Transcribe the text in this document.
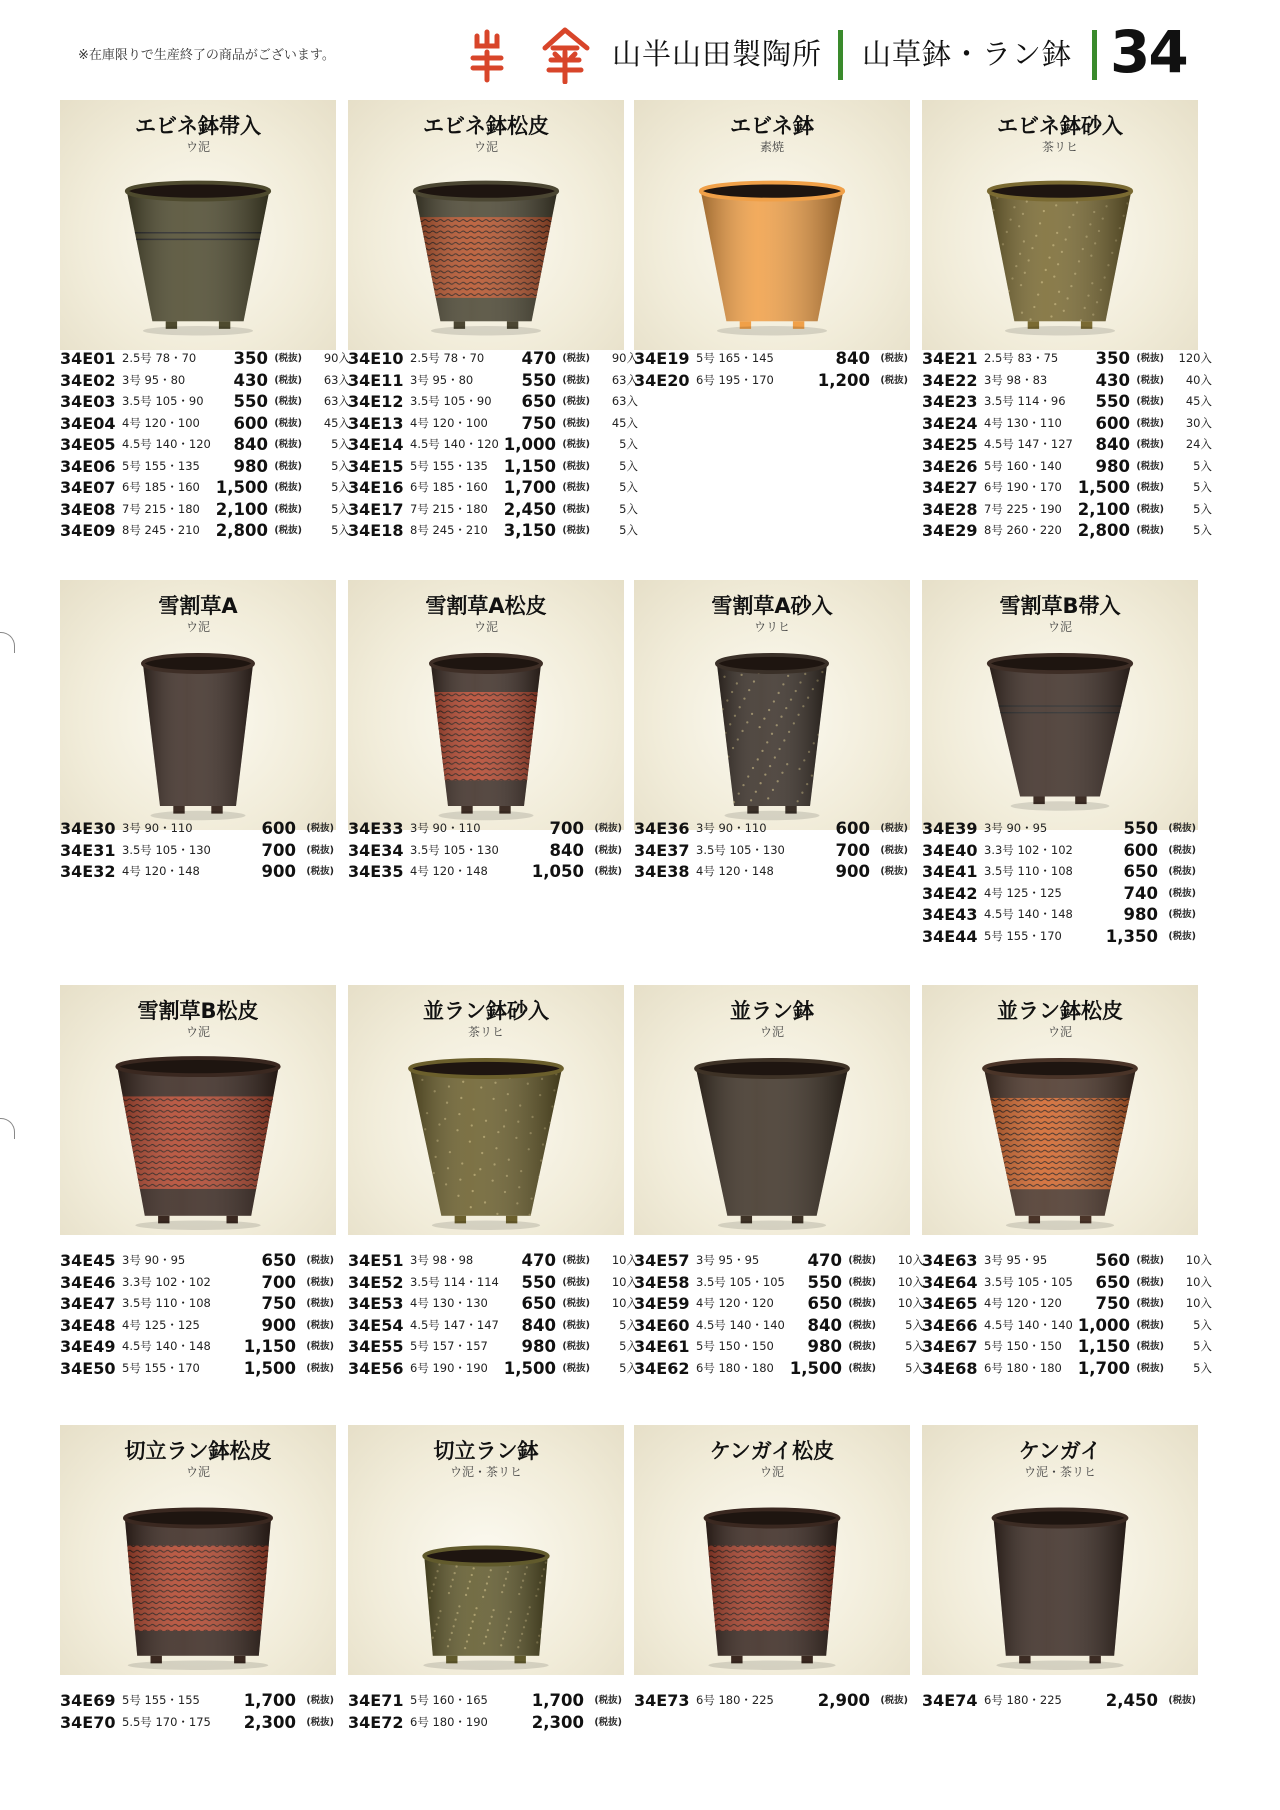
※在庫限りで生産終了の商品がございます。	山半山田製陶所 山草鉢・ラン鉢 34
エビネ鉢帯入
ウ泥
34E01 2.5号 78・70 350 (税抜)	90入
34E02 3号 95・80	430 (税抜)	63入
34E03 3.5号 105・90 550 (税抜)	63入
34E04 4号 120・100 600 (税抜)	45入
34E05 4.5号 140・120 840 (税抜)	5入
34E06 5号 155・135 980 (税抜)	5入
34E07 6号 185・160 1,500 (税抜)	5入
34E08 7号 215・180 2,100 (税抜)	5入
34E09 8号 245・210 2,800 (税抜)	5入
エビネ鉢松皮
ウ泥
34E10 2.5号 78・70 470 (税抜)	90入
34E11 3号 95・80	550 (税抜)	63入
34E12 3.5号 105・90 650 (税抜)	63入
34E13 4号 120・100 750 (税抜)	45入
34E14 4.5号 140・120 1,000 (税抜)	5入
34E15 5号 155・135 1,150 (税抜)	5入
34E16 6号 185・160 1,700 (税抜)	5入
34E17 7号 215・180 2,450 (税抜)	5入
34E18 8号 245・210 3,150 (税抜)	5入
エビネ鉢
素焼
34E19 5号 165・145	840 (税抜)
34E20 6号 195・170	1,200 (税抜)
エビネ鉢砂入
茶リヒ
34E21 2.5号 83・75 350 (税抜)	120入
34E22 3号 98・83	430 (税抜)	40入
34E23 3.5号 114・96 550 (税抜)	45入
34E24 4号 130・110 600 (税抜)	30入
34E25 4.5号 147・127 840 (税抜)	24入
34E26 5号 160・140 980 (税抜)	5入
34E27 6号 190・170 1,500 (税抜)	5入
34E28 7号 225・190 2,100 (税抜)	5入
34E29 8号 260・220 2,800 (税抜)	5入
雪割草A
ウ泥
34E30 3号 90・110	600 (税抜)
34E31 3.5号 105・130	700 (税抜)
34E32 4号 120・148	900 (税抜)
雪割草A松皮
ウ泥
34E33 3号 90・110	700 (税抜)
34E34 3.5号 105・130	840 (税抜)
34E35 4号 120・148	1,050 (税抜)
雪割草A砂入
ウリヒ
34E36 3号 90・110	600 (税抜)
34E37 3.5号 105・130	700 (税抜)
34E38 4号 120・148	900 (税抜)
雪割草B帯入
ウ泥
34E39 3号 90・95	550 (税抜)
34E40 3.3号 102・102	600 (税抜)
34E41 3.5号 110・108	650 (税抜)
34E42 4号 125・125	740 (税抜)
34E43 4.5号 140・148	980 (税抜)
34E44 5号 155・170	1,350 (税抜)
雪割草B松皮
ウ泥
34E45 3号 90・95	650 (税抜)
34E46 3.3号 102・102	700 (税抜)
34E47 3.5号 110・108	750 (税抜)
34E48 4号 125・125	900 (税抜)
34E49 4.5号 140・148 1,150 (税抜)
34E50 5号 155・170	1,500 (税抜)
並ラン鉢砂入
茶リヒ
34E51 3号 98・98	470 (税抜)	10入
34E52 3.5号 114・114 550 (税抜)	10入
34E53 4号 130・130 650 (税抜)	10入
34E54 4.5号 147・147 840 (税抜)	5入
34E55 5号 157・157 980 (税抜)	5入
34E56 6号 190・190 1,500 (税抜)	5入
並ラン鉢
ウ泥
34E57 3号 95・95	470 (税抜)	10入
34E58 3.5号 105・105 550 (税抜)	10入
34E59 4号 120・120 650 (税抜)	10入
34E60 4.5号 140・140 840 (税抜)	5入
34E61 5号 150・150 980 (税抜)	5入
34E62 6号 180・180 1,500 (税抜)	5入
並ラン鉢松皮
ウ泥
34E63 3号 95・95	560 (税抜)	10入
34E64 3.5号 105・105 650 (税抜)	10入
34E65 4号 120・120 750 (税抜)	10入
34E66 4.5号 140・140 1,000 (税抜)	5入
34E67 5号 150・150 1,150 (税抜)	5入
34E68 6号 180・180 1,700 (税抜)	5入
切立ラン鉢松皮
ウ泥
34E69 5号 155・155	1,700 (税抜)
34E70 5.5号 170・175 2,300 (税抜)
切立ラン鉢
ウ泥・茶リヒ
34E71 5号 160・165	1,700 (税抜)
34E72 6号 180・190	2,300 (税抜)
ケンガイ松皮
ウ泥
34E73 6号 180・225	2,900 (税抜)
ケンガイ
ウ泥・茶リヒ
34E74 6号 180・225	2,450 (税抜)
